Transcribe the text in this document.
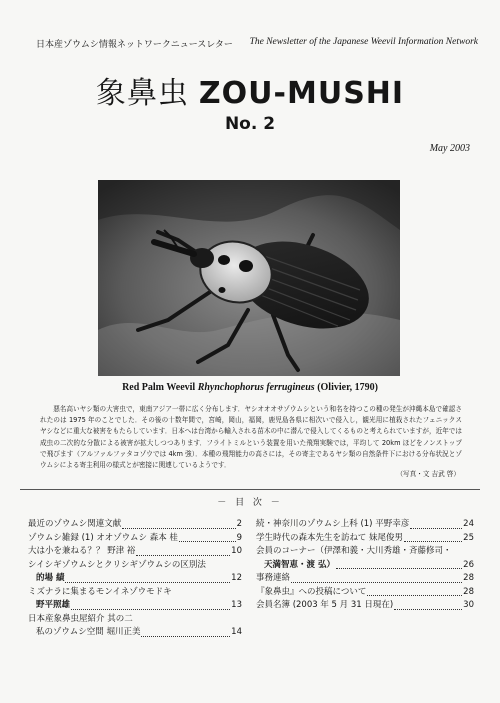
日本産ゾウムシ情報ネットワークニュースレター The Newsletter of the Japanese Weevil Information Network
象鼻虫 ZOU-MUSHI
No. 2
May 2003
Red Palm Weevil Rhynchophorus ferrugineus (Olivier, 1790)
悪名高いヤシ類の大害虫で，東南アジア一帯に広く分布します．ヤシオオオサゾウムシという和名を持つこの種の発生が沖縄本島で確認されたのは 1975 年のことでした．その後の十数年間で，宮崎，岡山，福岡，鹿児島各県に相次いで侵入し，観光用に植栽されたフェニックスヤシなどに重大な被害をもたらしています．日本へは台湾から輸入される苗木の中に潜んで侵入してくるものと考えられていますが，近年では成虫の二次的な分散による被害が拡大しつつあります．フライトミルという装置を用いた飛翔実験では，平均して 20km ほどをノンストップで飛びます（アルファルファタコゾウでは 4km 強）．本種の飛翔能力の高さには，その寄主であるヤシ類の自然条件下における分布状況とゾウムシによる寄主利用の様式とが密接に関連しているようです．
（写真・文 吉武 啓）
－ 目 次 －
最近のゾウムシ関連文献	2
ゾウムシ雑録 (1) オオゾウムシ 森本 桂	9
大は小を兼ねる？？ 野津 裕	10
シイシギゾウムシとクリシギゾウムシの区別法
的場 績	12
ミズナラに集まるモンイネゾウモドキ
野平照雄	13
日本産象鼻虫屋紹介 其の二
私のゾウムシ空間 堀川正美	14
続・神奈川のゾウムシ上科 (1) 平野幸彦	24
学生時代の森本先生を訪ねて 妹尾俊男	25
会員のコーナー（伊澤和義・大川秀雄・斉藤修司・
天満智恵・渡 弘）	26
事務連絡	28
『象鼻虫』への投稿について	28
会員名簿 (2003 年 5 月 31 日現在)	30
